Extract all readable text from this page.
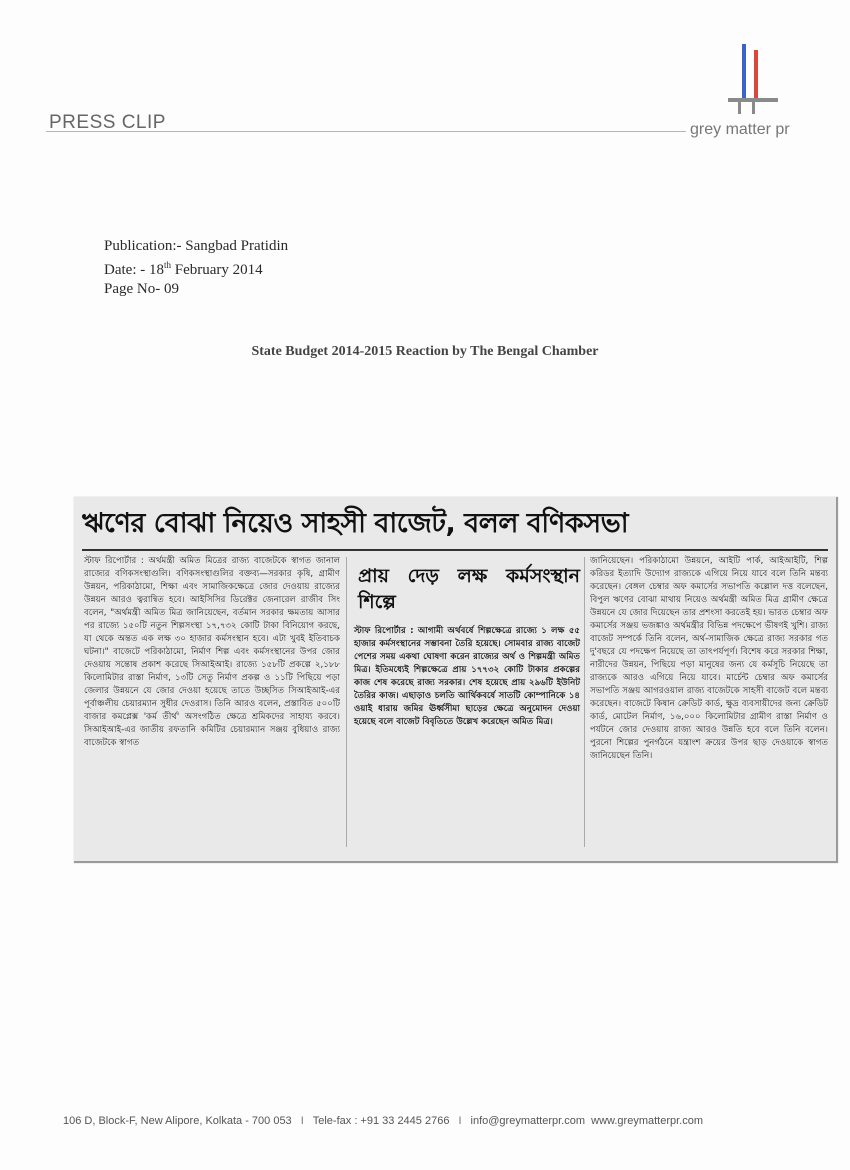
PRESS CLIP	grey matter pr
Publication:- Sangbad Pratidin
Date: - 18th February 2014
Page No- 09
State Budget 2014-2015 Reaction by The Bengal Chamber
ঋণের বোঝা নিয়েও সাহসী বাজেট, বলল বণিকসভা
স্টাফ রিপোর্টার : অর্থমন্ত্রী অমিত মিত্রের রাজ্য বাজেটকে স্বাগত জানাল রাজ্যের বণিকসংস্থাগুলি। বণিকসংস্থাগুলির বক্তব্য—সরকার কৃষি, গ্রামীণ উন্নয়ন, পরিকাঠামো, শিক্ষা এবং সামাজিকক্ষেত্রে জোর দেওয়ায় রাজ্যের উন্নয়ন আরও ত্বরান্বিত হবে। আইসিসির ডিরেক্টর জেনারেল রাজীব সিং বলেন, "অর্থমন্ত্রী অমিত মিত্র জানিয়েছেন, বর্তমান সরকার ক্ষমতায় আসার পর রাজ্যে ১৫০টি নতুন শিল্পসংস্থা ১৭,৭৩২ কোটি টাকা বিনিয়োগ করছে, যা থেকে অন্তত এক লক্ষ ৩০ হাজার কর্মসংস্থান হবে। এটা খুবই ইতিবাচক ঘটনা।" বাজেটে পরিকাঠামো, নির্মাণ শিল্প এবং কর্মসংস্থানের উপর জোর দেওয়ায় সন্তোষ প্রকাশ করেছে সিআইআই। রাজ্যে ১৫৮টি প্রকল্পে ২,১৮৮ কিলোমিটার রাস্তা নির্মাণ, ১৩টি সেতু নির্মাণ প্রকল্প ও ১১টি পিছিয়ে পড়া জেলার উন্নয়নে যে জোর দেওয়া হয়েছে তাতে উচ্ছসিত সিআইআই-এর পূর্বাঞ্চলীয় চেয়ারম্যান সুধীর দেওরাস। তিনি আরও বলেন, প্রস্তাবিত ৫০০টি বাজার কমপ্লেক্স 'কর্ম তীর্থ' অসংগঠিত ক্ষেত্রে শ্রমিকদের সাহায্য করবে। সিআইআই-এর জাতীয় রফতানি কমিটির চেয়ারম্যান সঞ্জয় বুধিয়াও রাজ্য বাজেটকে স্বাগত
প্রায় দেড় লক্ষ কর্মসংস্থান শিল্পে
স্টাফ রিপোর্টার : আগামী অর্থবর্ষে শিল্পক্ষেত্রে রাজ্যে ১ লক্ষ ৫৫ হাজার কর্মসংস্থানের সম্ভাবনা তৈরি হয়েছে। সোমবার রাজ্য বাজেট পেশের সময় একথা ঘোষণা করেন রাজ্যের অর্থ ও শিল্পমন্ত্রী অমিত মিত্র। ইতিমধ্যেই শিল্পক্ষেত্রে প্রায় ১৭৭৩২ কোটি টাকার প্রকল্পের কাজ শেষ করেছে রাজ্য সরকার। শেষ হয়েছে প্রায় ২৯৬টি ইউনিট তৈরির কাজ। এছাড়াও চলতি আর্থিকবর্ষে সাতটি কোম্পানিকে ১৪ ওয়াই ধারায় জমির ঊর্ধ্বসীমা ছাড়ের ক্ষেত্রে অনুমোদন দেওয়া হয়েছে বলে বাজেট বিবৃতিতে উল্লেখ করেছেন অমিত মিত্র।
জানিয়েছেন। পরিকাঠামো উন্নয়নে, আইটি পার্ক, আইআইটি, শিল্প করিডর ইত্যাদি উদ্যোগ রাজ্যকে এগিয়ে নিয়ে যাবে বলে তিনি মন্তব্য করেছেন। বেঙ্গল চেম্বার অফ কমার্সের সভাপতি কল্লোল দত্ত বলেছেন, বিপুল ঋণের বোঝা মাথায় নিয়েও অর্থমন্ত্রী অমিত মিত্র গ্রামীণ ক্ষেত্রে উন্নয়নে যে জোর দিয়েছেন তার প্রশংসা করতেই হয়। ভারত চেম্বার অফ কমার্সের সঞ্জয় ভজঙ্কাও অর্থমন্ত্রীর বিভিন্ন পদক্ষেপে ভীষণই খুশি। রাজ্য বাজেট সম্পর্কে তিনি বলেন, অর্থ-সামাজিক ক্ষেত্রে রাজ্য সরকার গত দু'বছরে যে পদক্ষেপ নিয়েছে তা তাৎপর্যপূর্ণ। বিশেষ করে সরকার শিক্ষা, নারীদের উন্নয়ন, পিছিয়ে পড়া মানুষের জন্য যে কর্মসূচি নিয়েছে তা রাজ্যকে আরও এগিয়ে নিয়ে যাবে। মার্চেন্ট চেম্বার অফ কমার্সের সভাপতি সঞ্জয় আগরওয়াল রাজ্য বাজেটকে সাহসী বাজেট বলে মন্তব্য করেছেন। বাজেটে কিষান ক্রেডিট কার্ড, ক্ষুদ্র ব্যবসায়ীদের জন্য ক্রেডিট কার্ড, মোটেল নির্মাণ, ১৬,০০০ কিলোমিটার গ্রামীণ রাস্তা নির্মাণ ও পর্যটনে জোর দেওয়ায় রাজ্য আরও উন্নতি হবে বলে তিনি বলেন। পুরনো শিল্পের পুনর্গঠনে যন্ত্রাংশ ক্রয়ের উপর ছাড় দেওয়াকে স্বাগত জানিয়েছেন তিনি।
106 D, Block-F, New Alipore, Kolkata - 700 053 I Tele-fax : +91 33 2445 2766 I info@greymatterpr.com www.greymatterpr.com
